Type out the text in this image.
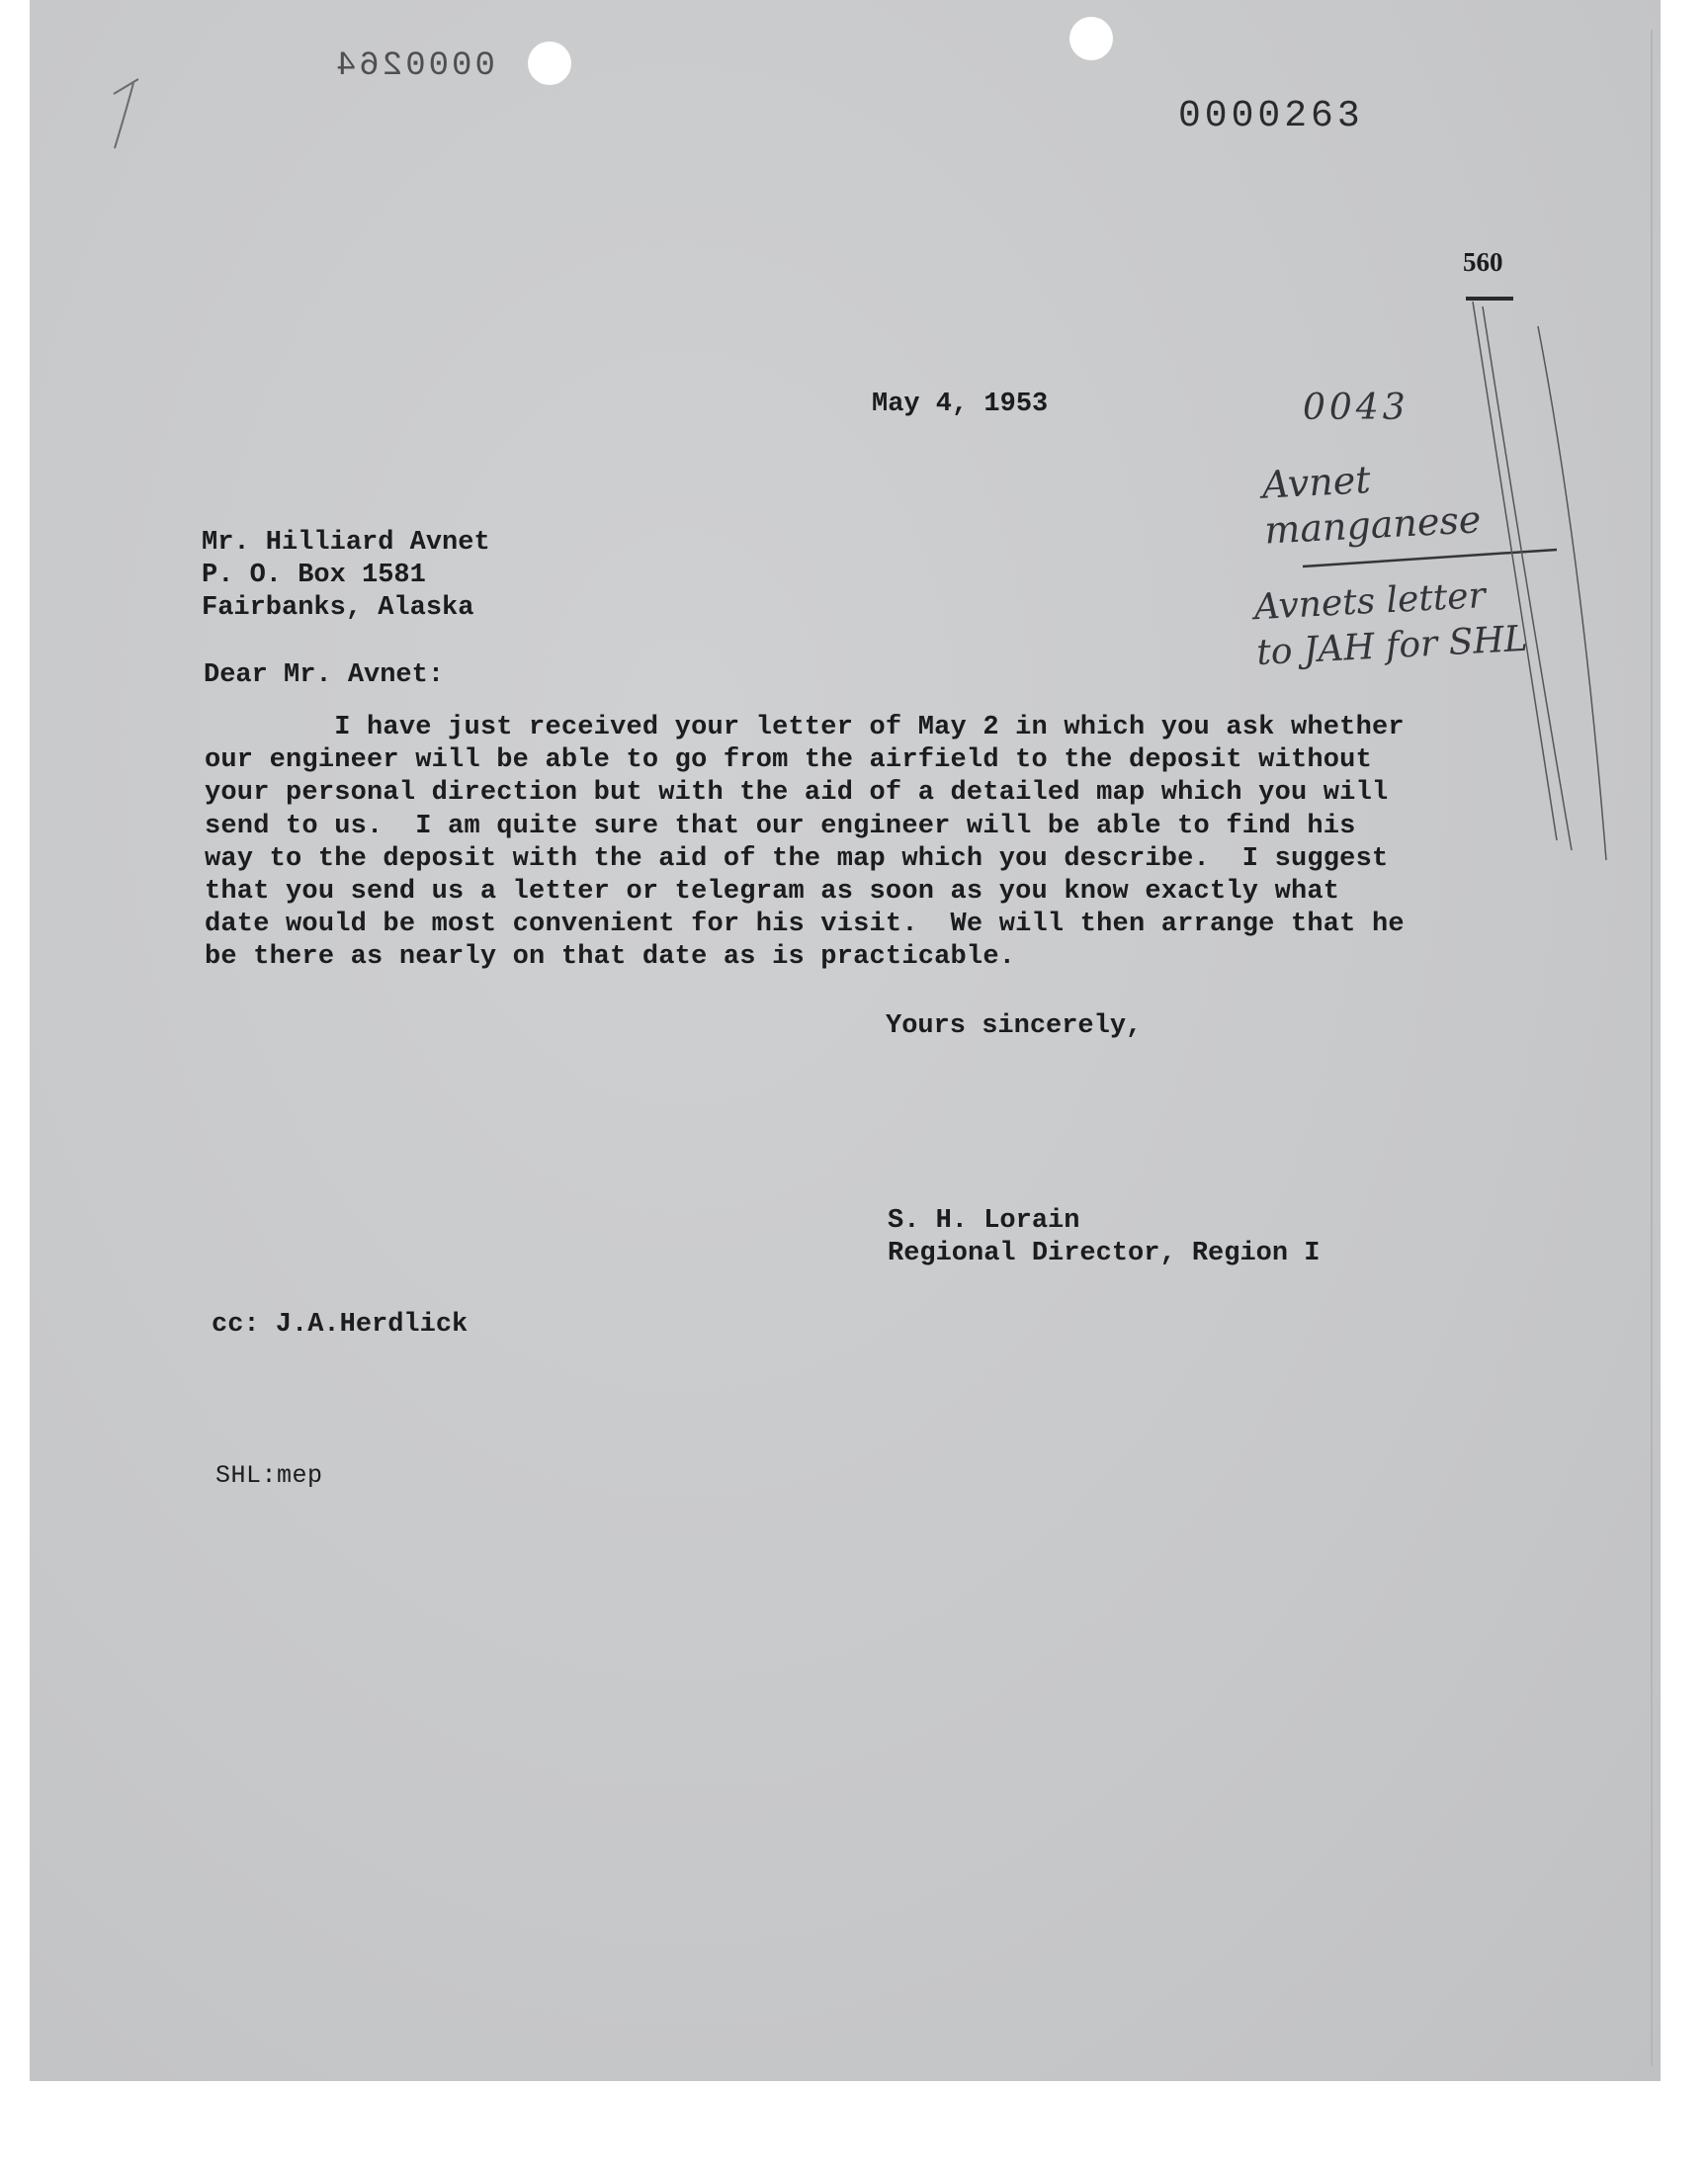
0000264
0000263
560
0043
Avnet
manganese
Avnets letter
to JAH for SHL
May 4, 1953
Mr. Hilliard Avnet
P. O. Box 1581
Fairbanks, Alaska
Dear Mr. Avnet:
I have just received your letter of May 2 in which you ask whether
our engineer will be able to go from the airfield to the deposit without
your personal direction but with the aid of a detailed map which you will
send to us.  I am quite sure that our engineer will be able to find his
way to the deposit with the aid of the map which you describe.  I suggest
that you send us a letter or telegram as soon as you know exactly what
date would be most convenient for his visit.  We will then arrange that he
be there as nearly on that date as is practicable.
Yours sincerely,
S. H. Lorain
Regional Director, Region I
cc: J.A.Herdlick
SHL:mep
